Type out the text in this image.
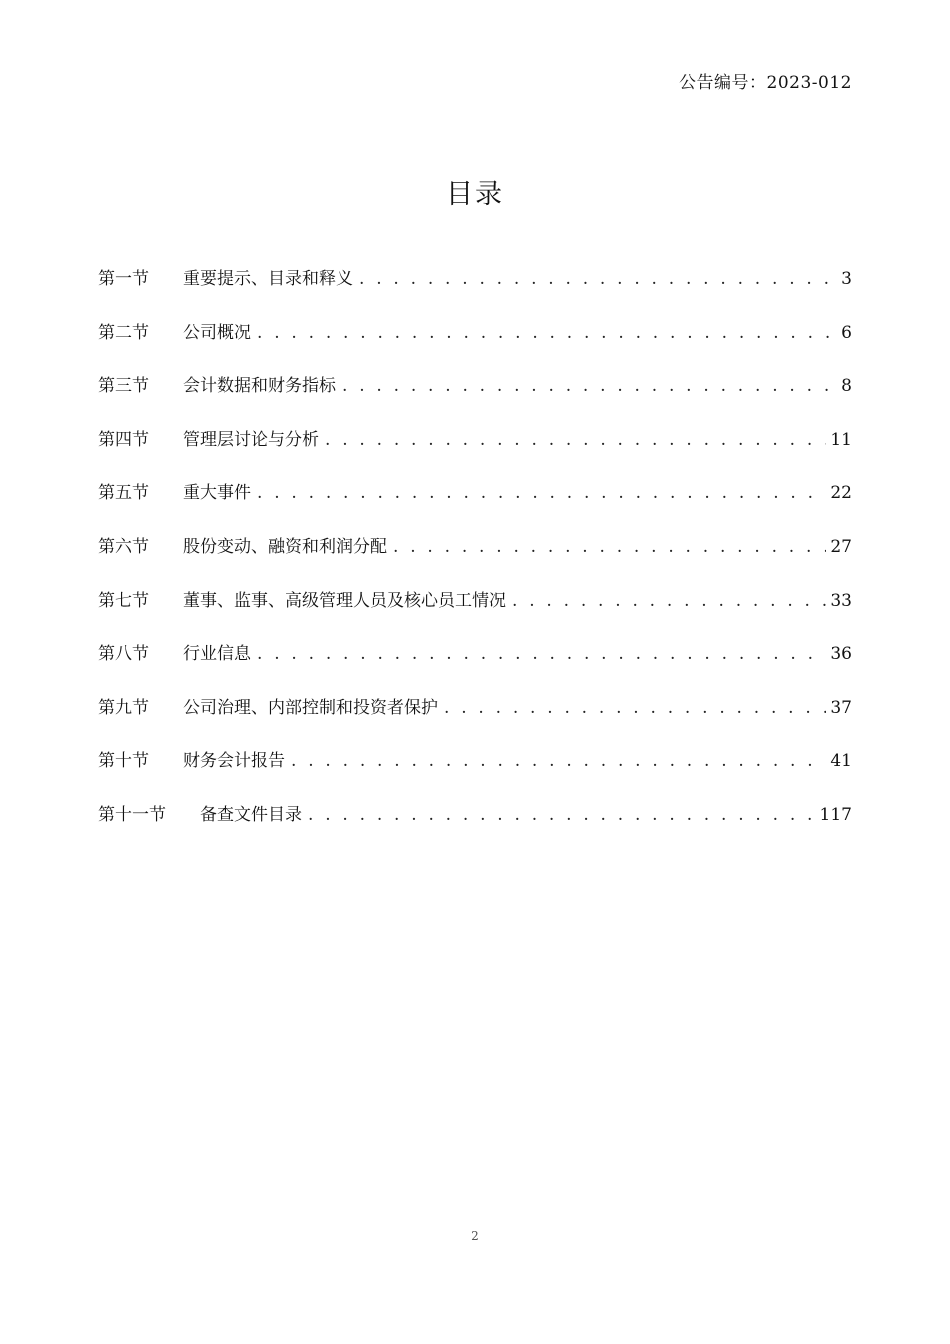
公告编号：2023-012
目录
第一节	重要提示、目录和释义 . . .	3
第二节	公司概况 . . .	6
第三节	会计数据和财务指标 . . .	8
第四节	管理层讨论与分析 . . .	11
第五节	重大事件 . . .	22
第六节	股份变动、融资和利润分配 . . .	27
第七节	董事、监事、高级管理人员及核心员工情况 . . .	33
第八节	行业信息 . . .	36
第九节	公司治理、内部控制和投资者保护 . . .	37
第十节	财务会计报告 . . .	41
第十一节	备查文件目录 . . .	117
2
